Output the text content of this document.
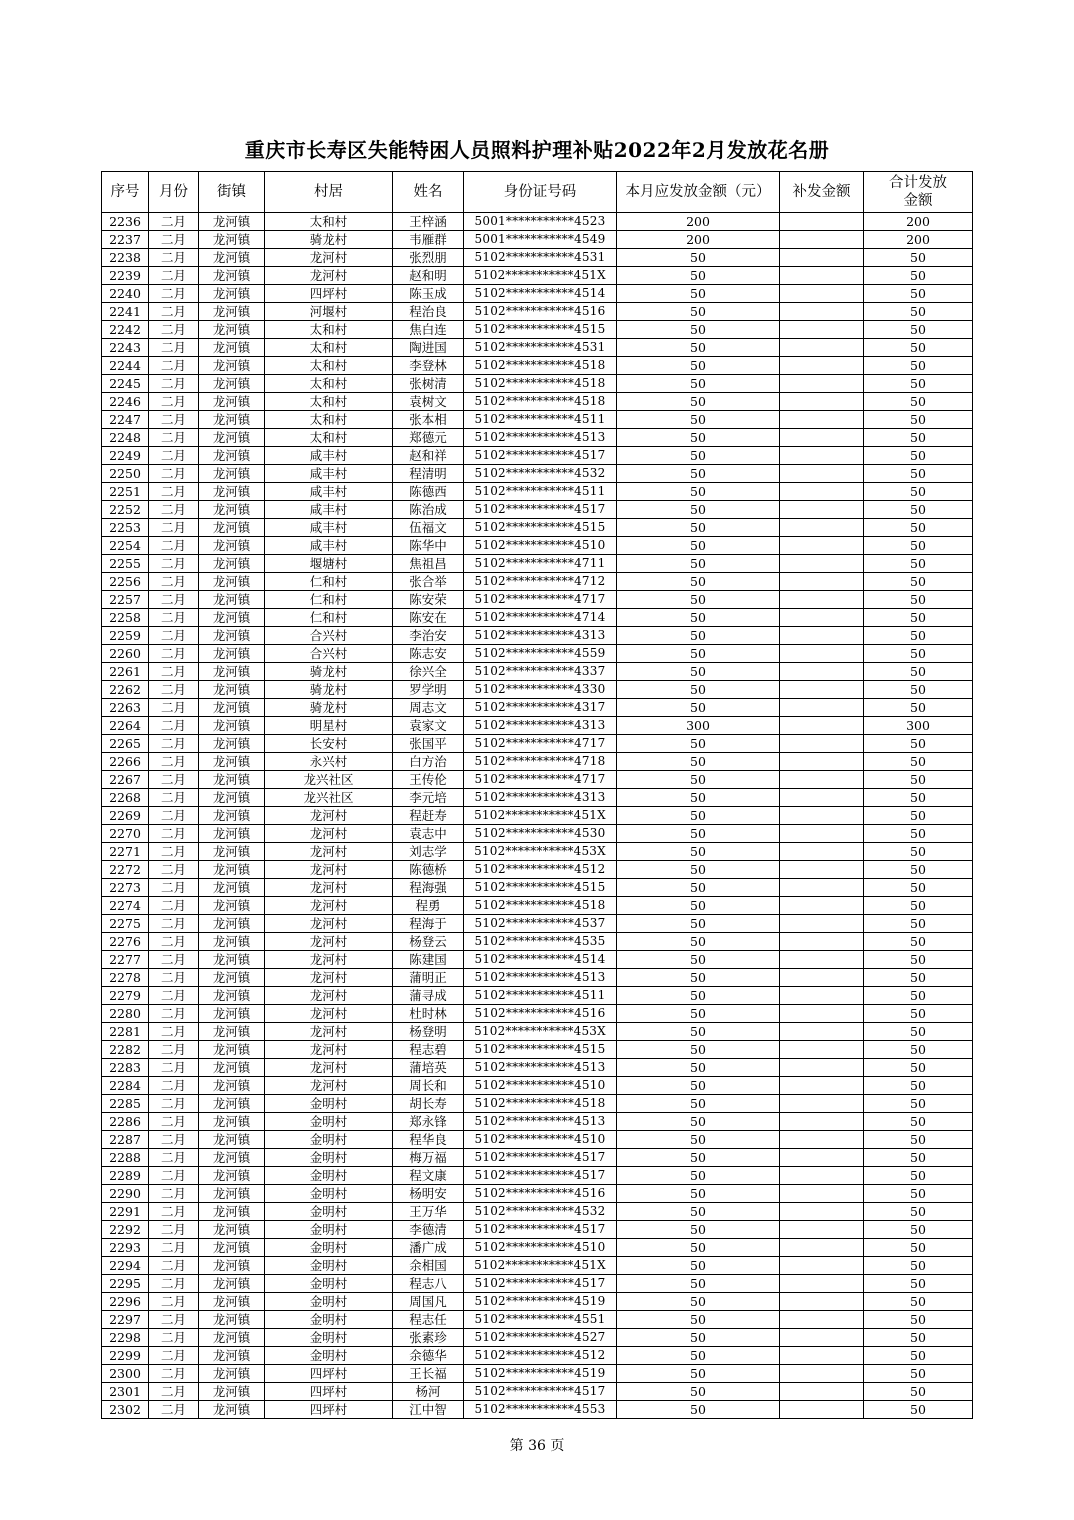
重庆市长寿区失能特困人员照料护理补贴2022年2月发放花名册
序号	月份	街镇	村居	姓名	身份证号码	本月应发放金额（元）	补发金额	合计发放金额
2236	二月	龙河镇	太和村	王梓涵	5001***********4523	200		200
2237	二月	龙河镇	骑龙村	韦雁群	5001***********4549	200		200
2238	二月	龙河镇	龙河村	张烈朋	5102***********4531	50		50
2239	二月	龙河镇	龙河村	赵和明	5102***********451X	50		50
2240	二月	龙河镇	四坪村	陈玉成	5102***********4514	50		50
2241	二月	龙河镇	河堰村	程治良	5102***********4516	50		50
2242	二月	龙河镇	太和村	焦白连	5102***********4515	50		50
2243	二月	龙河镇	太和村	陶进国	5102***********4531	50		50
2244	二月	龙河镇	太和村	李登林	5102***********4518	50		50
2245	二月	龙河镇	太和村	张树清	5102***********4518	50		50
2246	二月	龙河镇	太和村	袁树文	5102***********4518	50		50
2247	二月	龙河镇	太和村	张本相	5102***********4511	50		50
2248	二月	龙河镇	太和村	郑德元	5102***********4513	50		50
2249	二月	龙河镇	咸丰村	赵和祥	5102***********4517	50		50
2250	二月	龙河镇	咸丰村	程清明	5102***********4532	50		50
2251	二月	龙河镇	咸丰村	陈德西	5102***********4511	50		50
2252	二月	龙河镇	咸丰村	陈治成	5102***********4517	50		50
2253	二月	龙河镇	咸丰村	伍福文	5102***********4515	50		50
2254	二月	龙河镇	咸丰村	陈华中	5102***********4510	50		50
2255	二月	龙河镇	堰塘村	焦祖昌	5102***********4711	50		50
2256	二月	龙河镇	仁和村	张合举	5102***********4712	50		50
2257	二月	龙河镇	仁和村	陈安荣	5102***********4717	50		50
2258	二月	龙河镇	仁和村	陈安在	5102***********4714	50		50
2259	二月	龙河镇	合兴村	李治安	5102***********4313	50		50
2260	二月	龙河镇	合兴村	陈志安	5102***********4559	50		50
2261	二月	龙河镇	骑龙村	徐兴全	5102***********4337	50		50
2262	二月	龙河镇	骑龙村	罗学明	5102***********4330	50		50
2263	二月	龙河镇	骑龙村	周志文	5102***********4317	50		50
2264	二月	龙河镇	明星村	袁家文	5102***********4313	300		300
2265	二月	龙河镇	长安村	张国平	5102***********4717	50		50
2266	二月	龙河镇	永兴村	白方治	5102***********4718	50		50
2267	二月	龙河镇	龙兴社区	王传伦	5102***********4717	50		50
2268	二月	龙河镇	龙兴社区	李元培	5102***********4313	50		50
2269	二月	龙河镇	龙河村	程赶寿	5102***********451X	50		50
2270	二月	龙河镇	龙河村	袁志中	5102***********4530	50		50
2271	二月	龙河镇	龙河村	刘志学	5102***********453X	50		50
2272	二月	龙河镇	龙河村	陈德桥	5102***********4512	50		50
2273	二月	龙河镇	龙河村	程海强	5102***********4515	50		50
2274	二月	龙河镇	龙河村	程勇	5102***********4518	50		50
2275	二月	龙河镇	龙河村	程海于	5102***********4537	50		50
2276	二月	龙河镇	龙河村	杨登云	5102***********4535	50		50
2277	二月	龙河镇	龙河村	陈建国	5102***********4514	50		50
2278	二月	龙河镇	龙河村	蒲明正	5102***********4513	50		50
2279	二月	龙河镇	龙河村	蒲寻成	5102***********4511	50		50
2280	二月	龙河镇	龙河村	杜时林	5102***********4516	50		50
2281	二月	龙河镇	龙河村	杨登明	5102***********453X	50		50
2282	二月	龙河镇	龙河村	程志碧	5102***********4515	50		50
2283	二月	龙河镇	龙河村	蒲培英	5102***********4513	50		50
2284	二月	龙河镇	龙河村	周长和	5102***********4510	50		50
2285	二月	龙河镇	金明村	胡长寿	5102***********4518	50		50
2286	二月	龙河镇	金明村	郑永锋	5102***********4513	50		50
2287	二月	龙河镇	金明村	程华良	5102***********4510	50		50
2288	二月	龙河镇	金明村	梅万福	5102***********4517	50		50
2289	二月	龙河镇	金明村	程文康	5102***********4517	50		50
2290	二月	龙河镇	金明村	杨明安	5102***********4516	50		50
2291	二月	龙河镇	金明村	王万华	5102***********4532	50		50
2292	二月	龙河镇	金明村	李德清	5102***********4517	50		50
2293	二月	龙河镇	金明村	潘广成	5102***********4510	50		50
2294	二月	龙河镇	金明村	余相国	5102***********451X	50		50
2295	二月	龙河镇	金明村	程志八	5102***********4517	50		50
2296	二月	龙河镇	金明村	周国凡	5102***********4519	50		50
2297	二月	龙河镇	金明村	程志任	5102***********4551	50		50
2298	二月	龙河镇	金明村	张素珍	5102***********4527	50		50
2299	二月	龙河镇	金明村	余德华	5102***********4512	50		50
2300	二月	龙河镇	四坪村	王长福	5102***********4519	50		50
2301	二月	龙河镇	四坪村	杨河	5102***********4517	50		50
2302	二月	龙河镇	四坪村	江中智	5102***********4553	50		50
第 36 页
